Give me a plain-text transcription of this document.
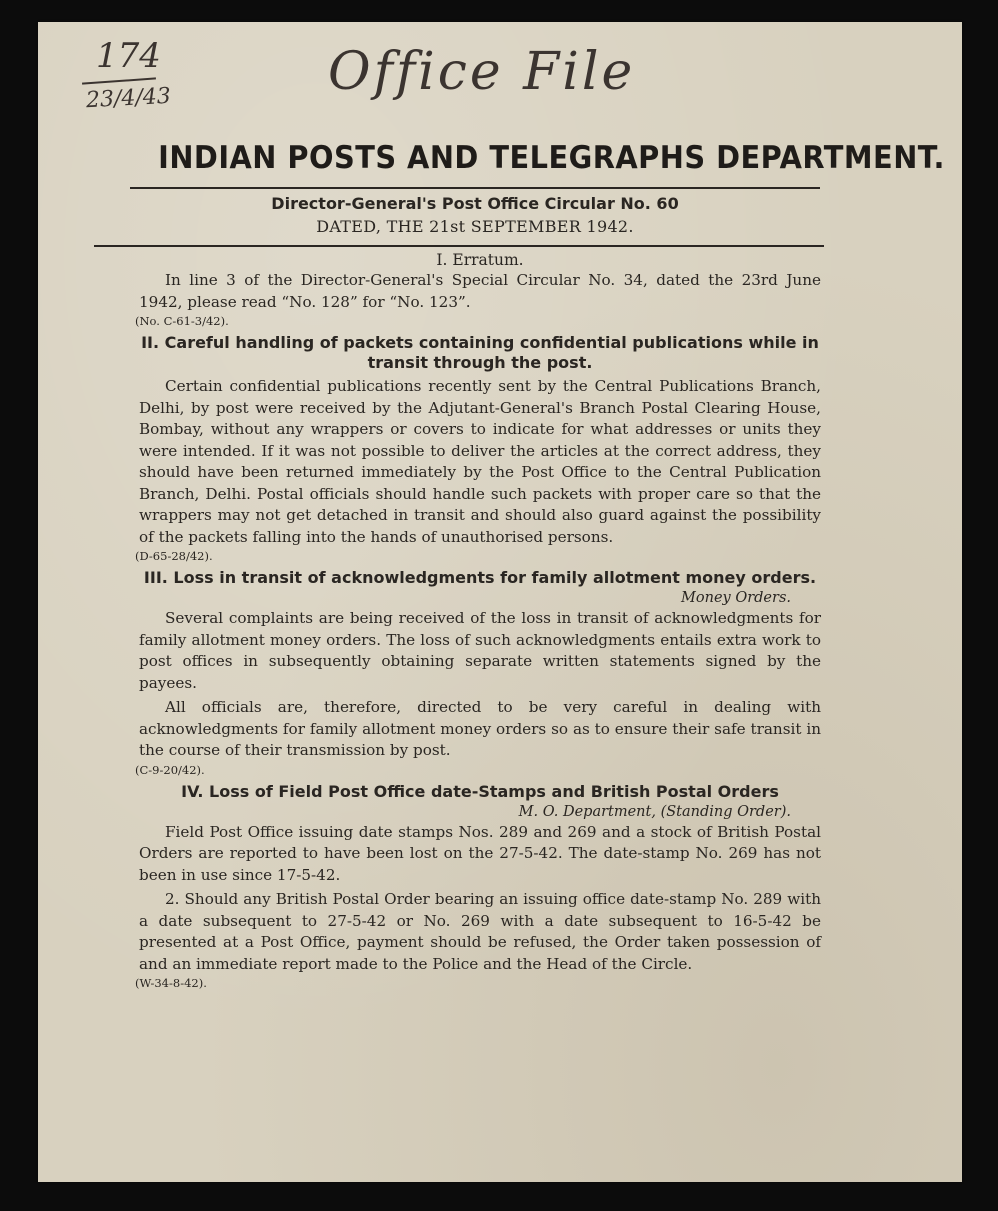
174
23/4/43	Office File
INDIAN POSTS AND TELEGRAPHS DEPARTMENT.
Director-General's Post Office Circular No. 60
DATED, THE 21st SEPTEMBER 1942.
I. Erratum.

In line 3 of the Director-General's Special Circular No. 34, dated the 23rd June 1942, please read “No. 128” for “No. 123”.

(No. C-61-3/42).
II. Careful handling of packets containing confidential publications while in transit through the post.

Certain confidential publications recently sent by the Central Publications Branch, Delhi, by post were received by the Adjutant-General's Branch Postal Clearing House, Bombay, without any wrappers or covers to indicate for what addresses or units they were intended. If it was not possible to deliver the articles at the correct address, they should have been returned immediately by the Post Office to the Central Publication Branch, Delhi. Postal officials should handle such packets with proper care so that the wrappers may not get detached in transit and should also guard against the possibility of the packets falling into the hands of unauthorised persons.

(D-65-28/42).
III. Loss in transit of acknowledgments for family allotment money orders.
Money Orders.

Several complaints are being received of the loss in transit of acknowledgments for family allotment money orders. The loss of such acknowledgments entails extra work to post offices in subsequently obtaining separate written statements signed by the payees.

All officials are, therefore, directed to be very careful in dealing with acknowledgments for family allotment money orders so as to ensure their safe transit in the course of their transmission by post.

(C-9-20/42).
IV. Loss of Field Post Office date-Stamps and British Postal Orders
M. O. Department, (Standing Order).

Field Post Office issuing date stamps Nos. 289 and 269 and a stock of British Postal Orders are reported to have been lost on the 27-5-42. The date-stamp No. 269 has not been in use since 17-5-42.

2. Should any British Postal Order bearing an issuing office date-stamp No. 289 with a date subsequent to 27-5-42 or No. 269 with a date subsequent to 16-5-42 be presented at a Post Office, payment should be refused, the Order taken possession of and an immediate report made to the Police and the Head of the Circle.

(W-34-8-42).
